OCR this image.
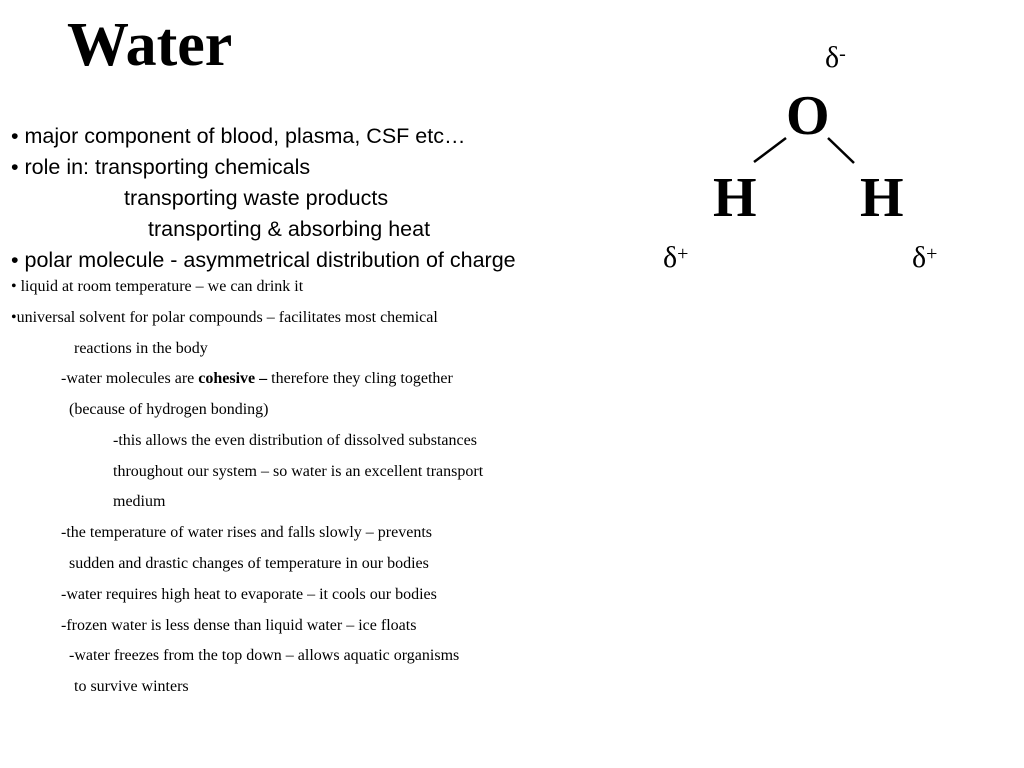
Water
• major component of blood, plasma, CSF etc…
• role in: transporting chemicals
transporting waste products
transporting & absorbing heat
• polar molecule - asymmetrical distribution of charge
• liquid at room temperature – we can drink it
•universal solvent for polar compounds – facilitates most chemical
reactions in the body
-water molecules are cohesive – therefore they cling together
(because of hydrogen bonding)
-this allows the even distribution of dissolved substances
throughout our system – so water is an excellent transport
medium
-the temperature of water rises and falls slowly – prevents
sudden and drastic changes of temperature in our bodies
-water requires high heat to evaporate – it cools our bodies
-frozen water is less dense than liquid water – ice floats
-water freezes from the top down – allows aquatic organisms
to survive winters
δ-
O
H H
δ+	δ+
